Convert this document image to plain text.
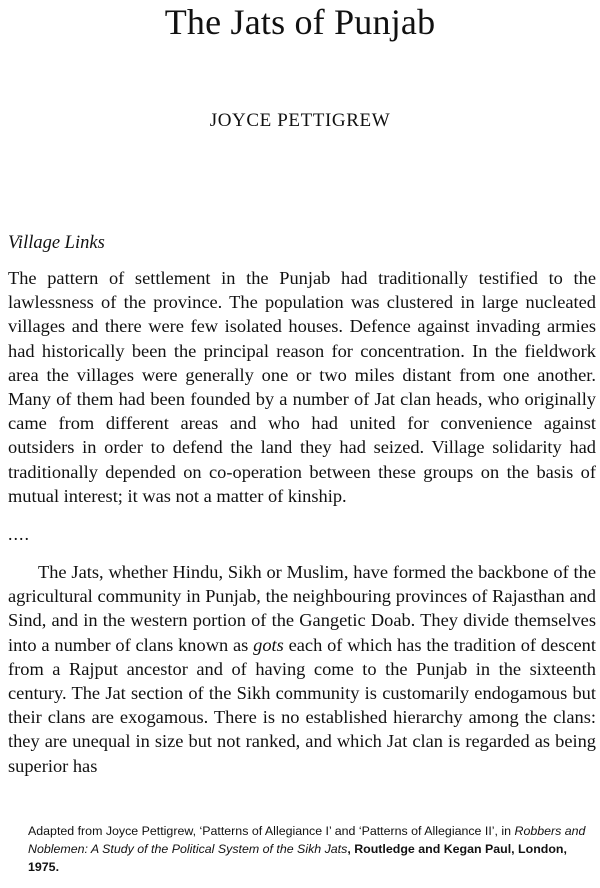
The Jats of Punjab
JOYCE PETTIGREW
Village Links

The pattern of settlement in the Punjab had traditionally testified to the lawlessness of the province. The population was clustered in large nucleated villages and there were few isolated houses. Defence against invading armies had historically been the principal reason for concentration. In the fieldwork area the villages were generally one or two miles distant from one another. Many of them had been founded by a number of Jat clan heads, who originally came from different areas and who had united for convenience against outsiders in order to defend the land they had seized. Village solidarity had traditionally depended on co-operation between these groups on the basis of mutual interest; it was not a matter of kinship.

....

The Jats, whether Hindu, Sikh or Muslim, have formed the backbone of the agricultural community in Punjab, the neighbouring provinces of Rajasthan and Sind, and in the western portion of the Gangetic Doab. They divide themselves into a number of clans known as gots each of which has the tradition of descent from a Rajput ancestor and of having come to the Punjab in the sixteenth century. The Jat section of the Sikh community is customarily endogamous but their clans are exogamous. There is no established hierarchy among the clans: they are unequal in size but not ranked, and which Jat clan is regarded as being superior has

Adapted from Joyce Pettigrew, ‘Patterns of Allegiance I’ and ‘Patterns of Allegiance II’, in Robbers and Noblemen: A Study of the Political System of the Sikh Jats, Routledge and Kegan Paul, London, 1975.
